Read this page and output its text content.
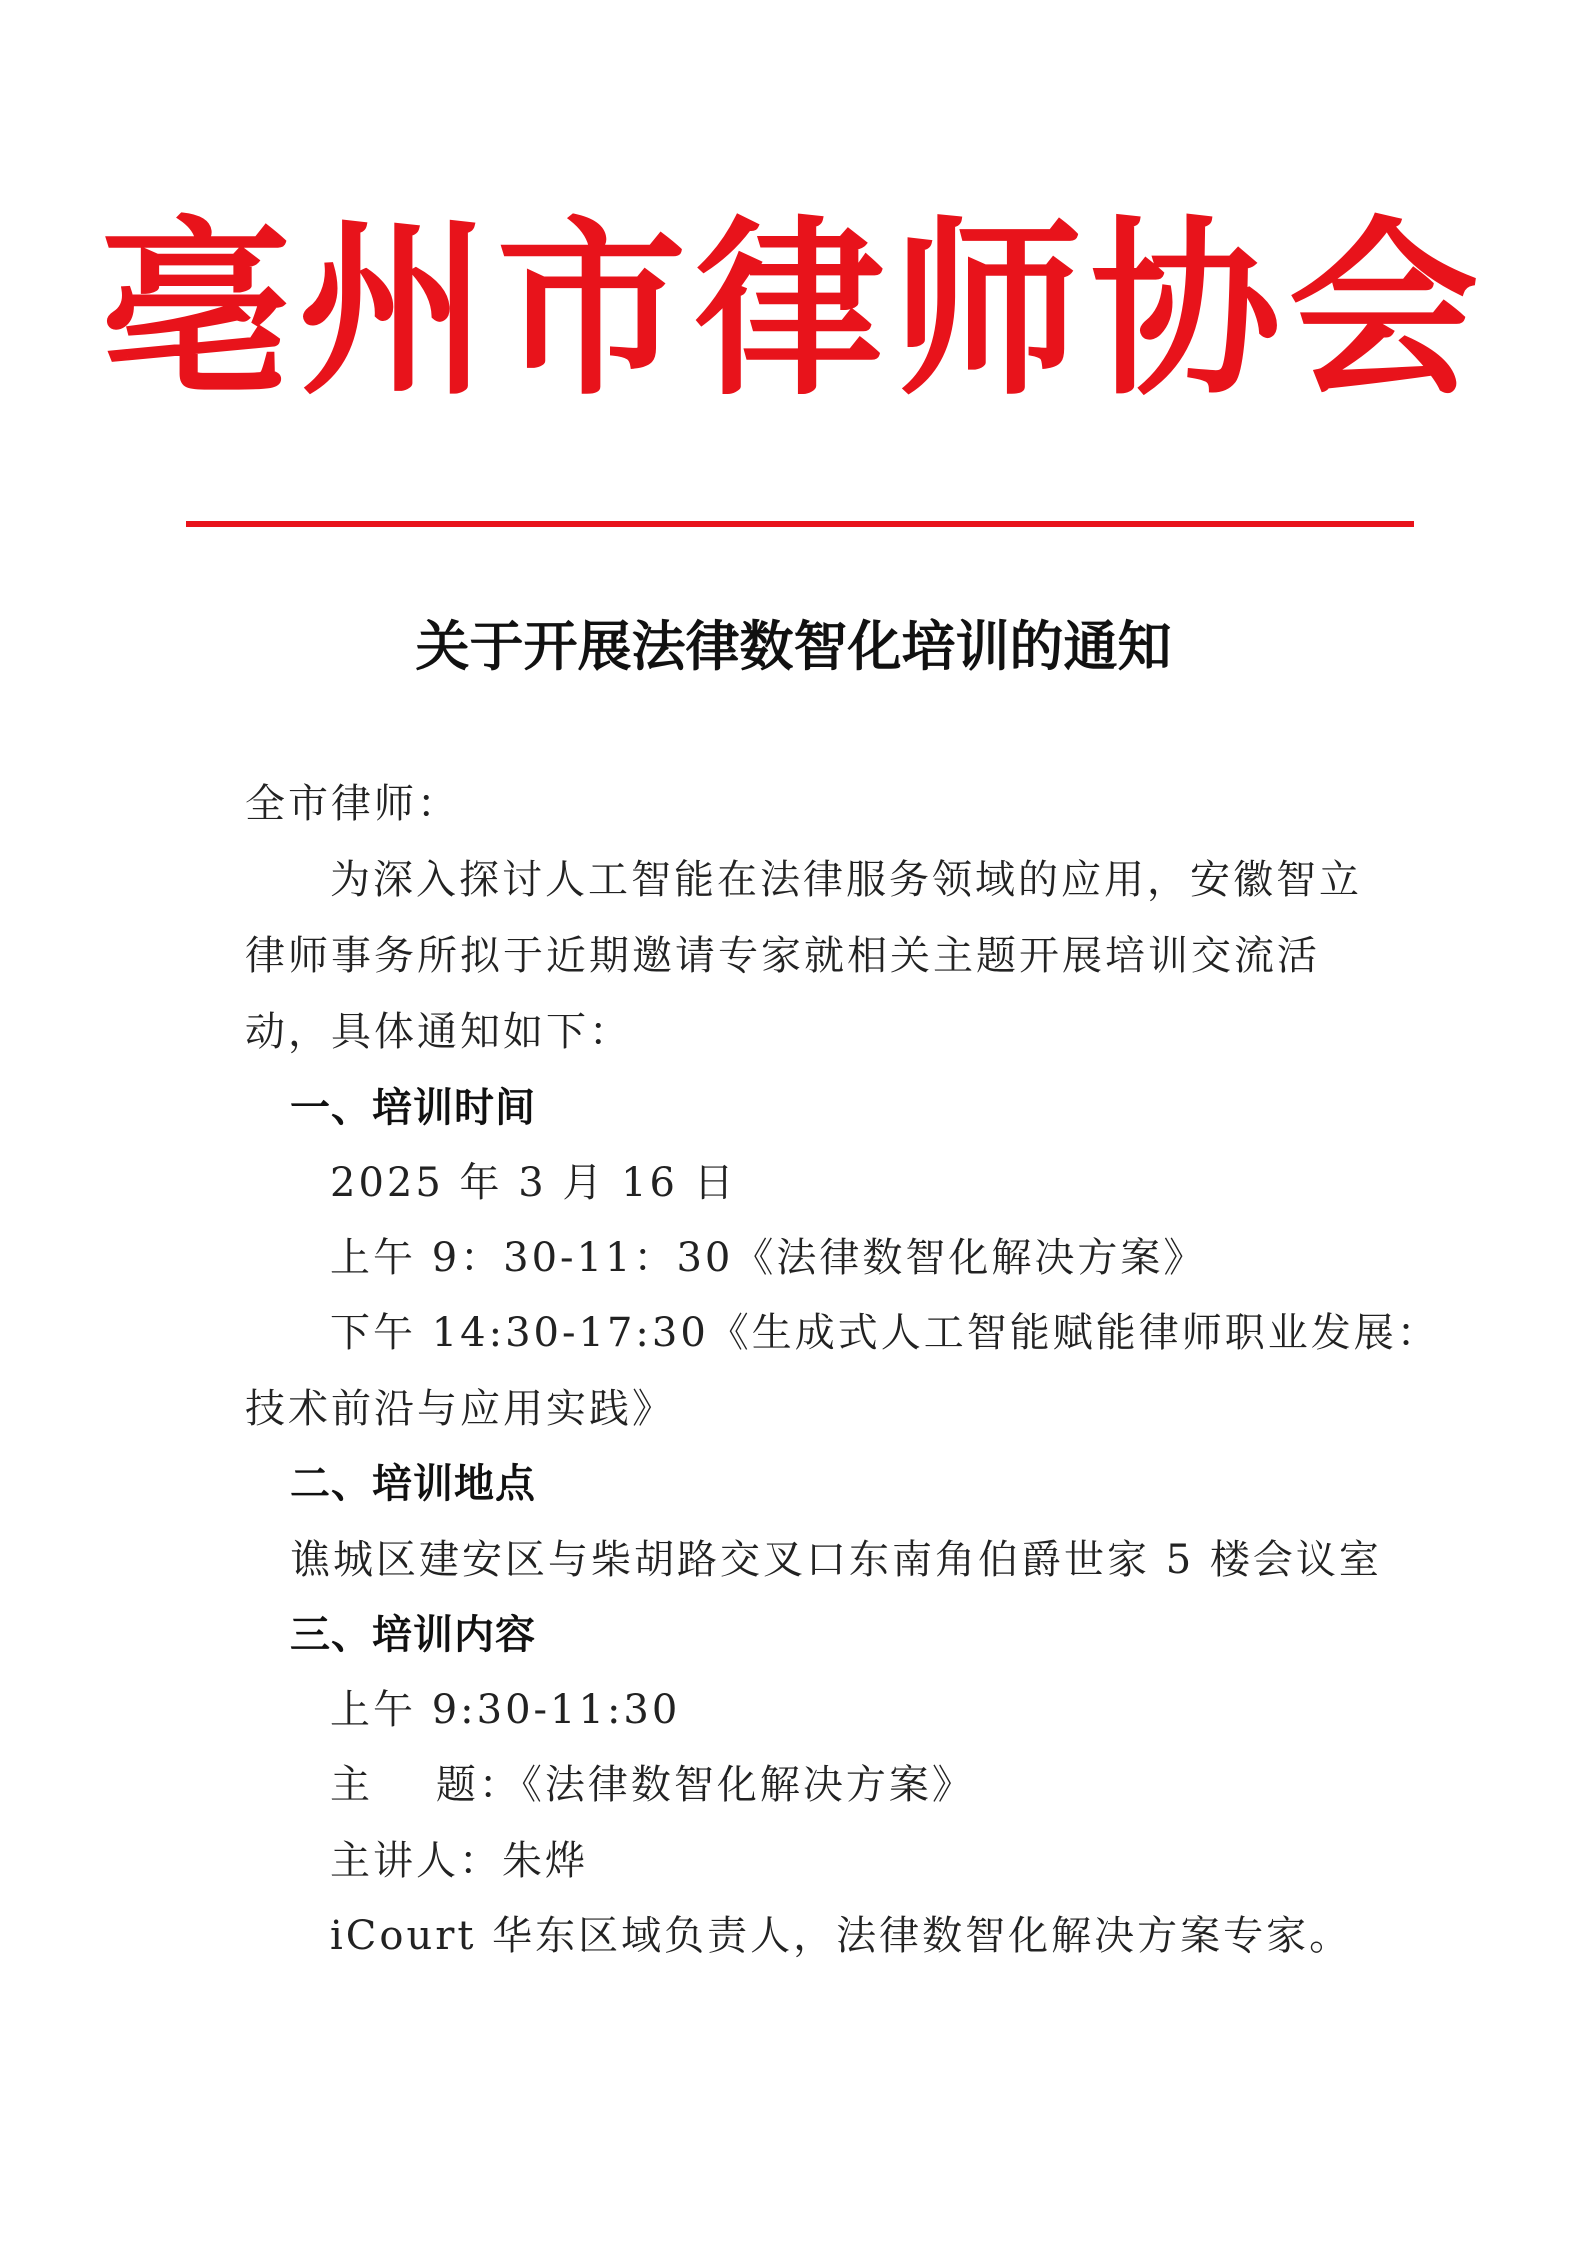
亳州市律师协会
关于开展法律数智化培训的通知
全市律师：
为深入探讨人工智能在法律服务领域的应用，安徽智立
律师事务所拟于近期邀请专家就相关主题开展培训交流活
动，具体通知如下：
一、培训时间
2025 年 3 月 16 日
上午 9：30-11：30《法律数智化解决方案》
下午 14:30-17:30《生成式人工智能赋能律师职业发展：
技术前沿与应用实践》
二、培训地点
谯城区建安区与柴胡路交叉口东南角伯爵世家 5 楼会议室
三、培训内容
上午 9:30-11:30
主    题：《法律数智化解决方案》
主讲人：朱烨
iCourt 华东区域负责人，法律数智化解决方案专家。
